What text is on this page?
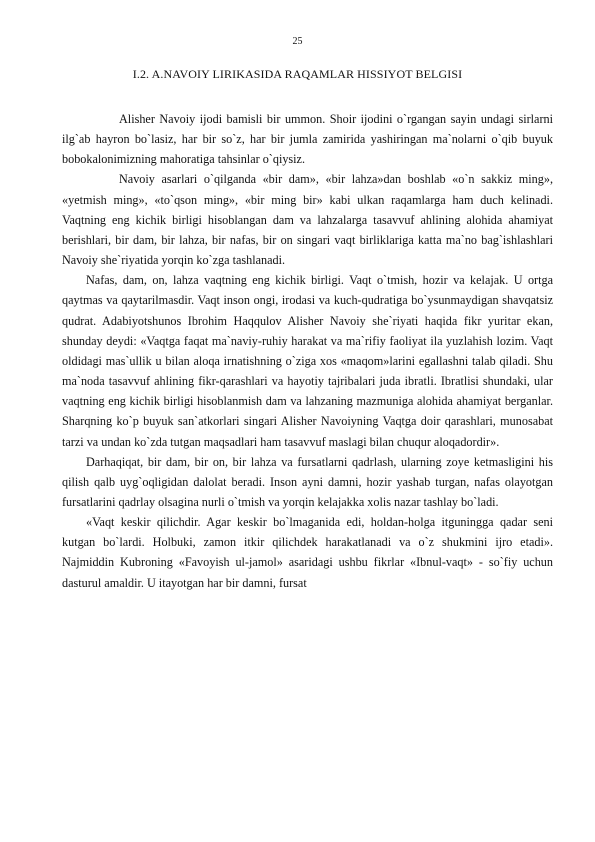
25
I.2. A.NAVOIY LIRIKASIDA RAQAMLAR HISSIYOT BELGISI

Alisher Navoiy ijodi bamisli bir ummon. Shoir ijodini o`rgangan sayin undagi sirlarni ilg`ab hayron bo`lasiz, har bir so`z, har bir jumla zamirida yashiringan ma`nolarni o`qib buyuk bobokalonimizning mahoratiga tahsinlar o`qiysiz.

Navoiy asarlari o`qilganda «bir dam», «bir lahza»dan boshlab «o`n sakkiz ming», «yetmish ming», «to`qson ming», «bir ming bir» kabi ulkan raqamlarga ham duch kelinadi. Vaqtning eng kichik birligi hisoblangan dam va lahzalarga tasavvuf ahlining alohida ahamiyat berishlari, bir dam, bir lahza, bir nafas, bir on singari vaqt birliklariga katta ma`no bag`ishlashlari Navoiy she`riyatida yorqin ko`zga tashlanadi.

Nafas, dam, on, lahza vaqtning eng kichik birligi. Vaqt o`tmish, hozir va kelajak. U ortga qaytmas va qaytarilmasdir. Vaqt inson ongi, irodasi va kuch-qudratiga bo`ysunmaydigan shavqatsiz qudrat. Adabiyotshunos Ibrohim Haqqulov Alisher Navoiy she`riyati haqida fikr yuritar ekan, shunday deydi: «Vaqtga faqat ma`naviy-ruhiy harakat va ma`rifiy faoliyat ila yuzlahish lozim. Vaqt oldidagi mas`ullik u bilan aloqa irnatishning o`ziga xos «maqom»larini egallashni talab qiladi. Shu ma`noda tasavvuf ahlining fikr-qarashlari va hayotiy tajribalari juda ibratli. Ibratlisi shundaki, ular vaqtning eng kichik birligi hisoblanmish dam va lahzaning mazmuniga alohida ahamiyat berganlar. Sharqning ko`p buyuk san`atkorlari singari Alisher Navoiyning Vaqtga doir qarashlari, munosabat tarzi va undan ko`zda tutgan maqsadlari ham tasavvuf maslagi bilan chuqur aloqadordir».

Darhaqiqat, bir dam, bir on, bir lahza va fursatlarni qadrlash, ularning zoye ketmasligini his qilish qalb uyg`oqligidan dalolat beradi. Inson ayni damni, hozir yashab turgan, nafas olayotgan fursatlarini qadrlay olsagina nurli o`tmish va yorqin kelajakka xolis nazar tashlay bo`ladi.

«Vaqt keskir qilichdir. Agar keskir bo`lmaganida edi, holdan-holga itguningga qadar seni kutgan bo`lardi. Holbuki, zamon itkir qilichdek harakatlanadi va o`z shukmini ijro etadi». Najmiddin Kubroning «Favoyish ul-jamol» asaridagi ushbu fikrlar «Ibnul-vaqt» - so`fiy uchun dasturul amaldir. U itayotgan har bir damni, fursat
